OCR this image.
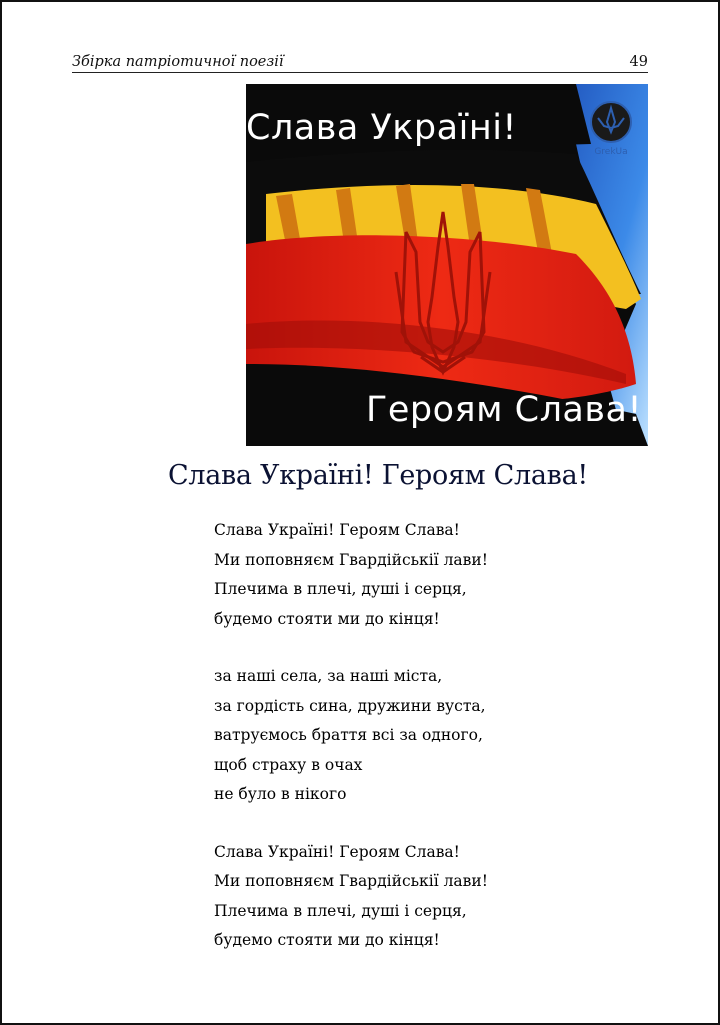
Збірка патріотичної поезії	49
Слава Україні!
Героям Слава!
GrekUa
Слава Україні! Героям Слава!
Слава Україні! Героям Слава!
Ми поповняєм Гвардійськії лави!
Плечима в плечі, душі і серця,
будемо стояти ми до кінця!
за наші села, за наші міста,
за гордість сина, дружини вуста,
ватруємось браття всі за одного,
щоб страху в очах
не було в нікого
Слава Україні! Героям Слава!
Ми поповняєм Гвардійськії лави!
Плечима в плечі, душі і серця,
будемо стояти ми до кінця!
